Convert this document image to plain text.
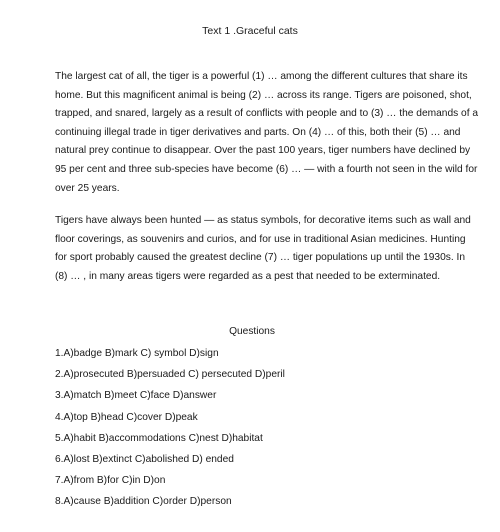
Text 1 .Graceful cats

The largest cat of all, the tiger is a powerful (1) … among the different cultures that share its home. But this magnificent animal is being (2) … across its range. Tigers are poisoned, shot, trapped, and snared, largely as a result of conflicts with people and to (3) … the demands of a continuing illegal trade in tiger derivatives and parts. On (4) … of this, both their (5) … and natural prey continue to disappear. Over the past 100 years, tiger numbers have declined by 95 per cent and three sub-species have become (6) … — with a fourth not seen in the wild for over 25 years.

Tigers have always been hunted — as status symbols, for decorative items such as wall and floor coverings, as souvenirs and curios, and for use in traditional Asian medicines. Hunting for sport probably caused the greatest decline (7) … tiger populations up until the 1930s. In (8) … , in many areas tigers were regarded as a pest that needed to be exterminated.

Questions
1.A)badge B)mark C) symbol D)sign
2.A)prosecuted B)persuaded C) persecuted D)peril
3.A)match B)meet C)face D)answer
4.A)top B)head C)cover D)peak
5.A)habit B)accommodations C)nest D)habitat
6.A)lost B)extinct C)abolished D) ended
7.A)from B)for C)in D)on
8.A)cause B)addition C)order D)person
